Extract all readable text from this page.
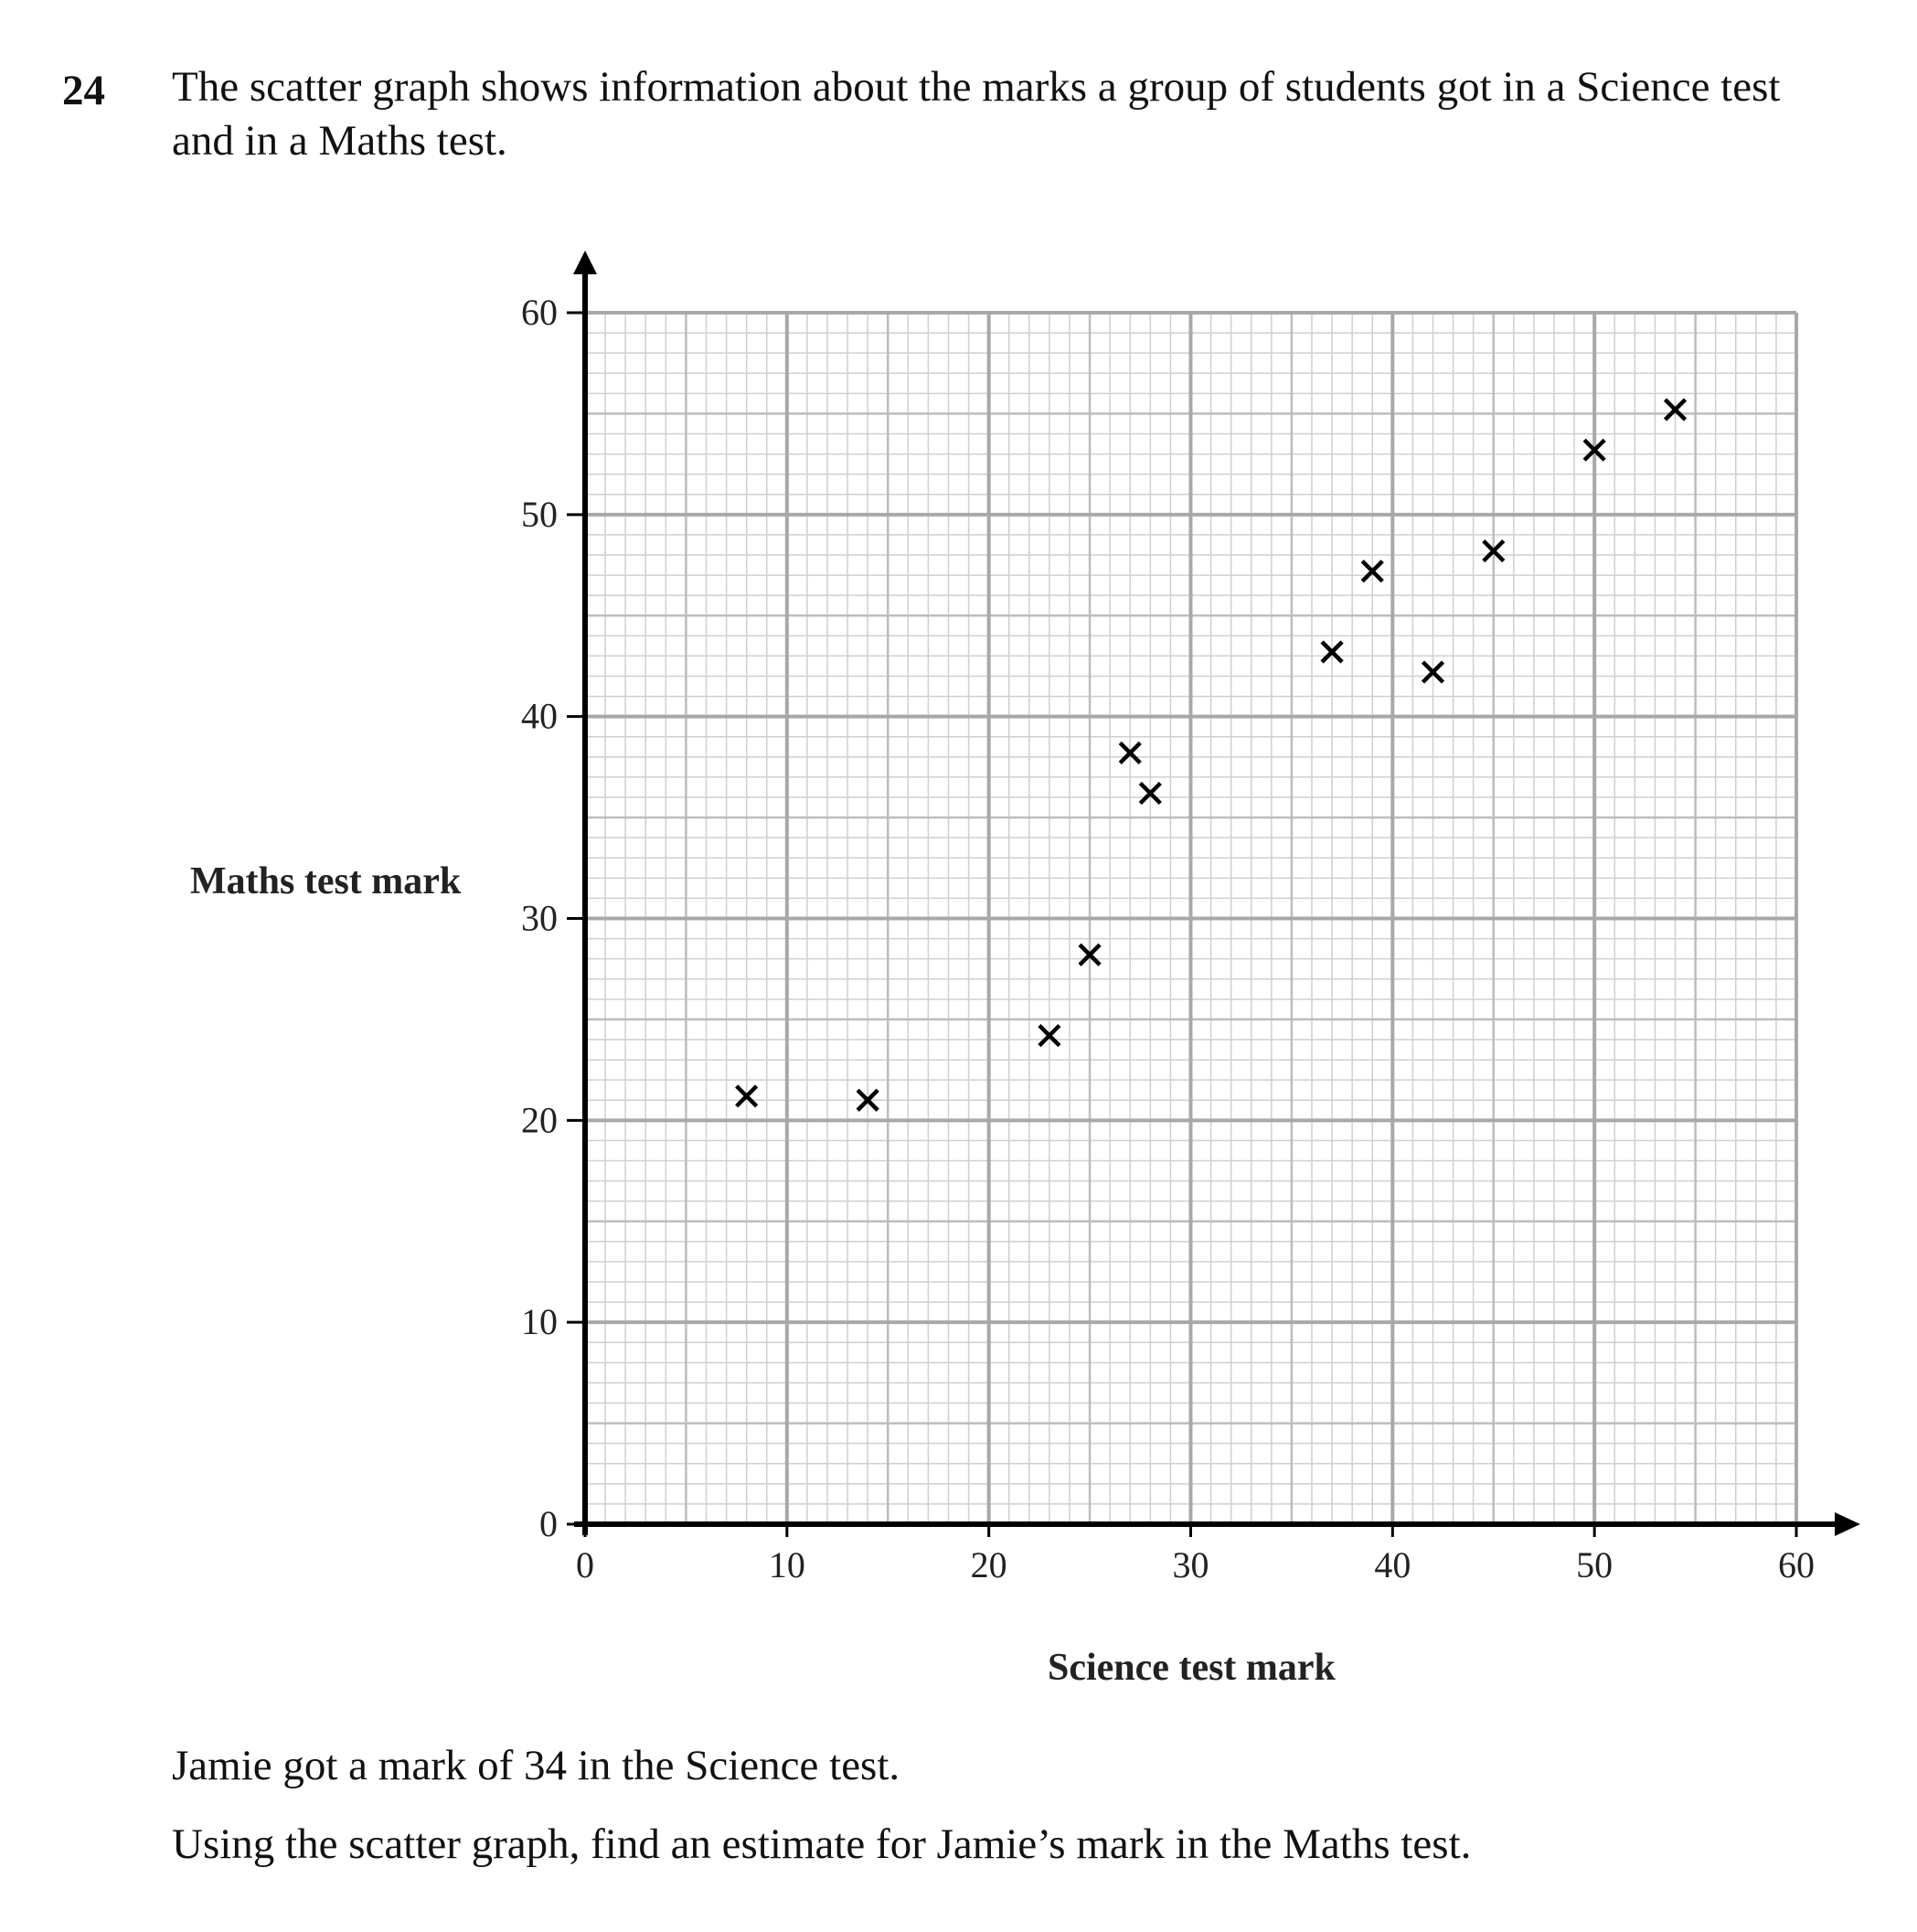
24 The scatter graph shows information about the marks a group of students got in a Science test and in a Maths test.
0	10	20	30	40	50	60
0
10
20
30
40
50
60
Maths test mark
Science test mark
Jamie got a mark of 34 in the Science test.
Using the scatter graph, find an estimate for Jamie’s mark in the Maths test.
